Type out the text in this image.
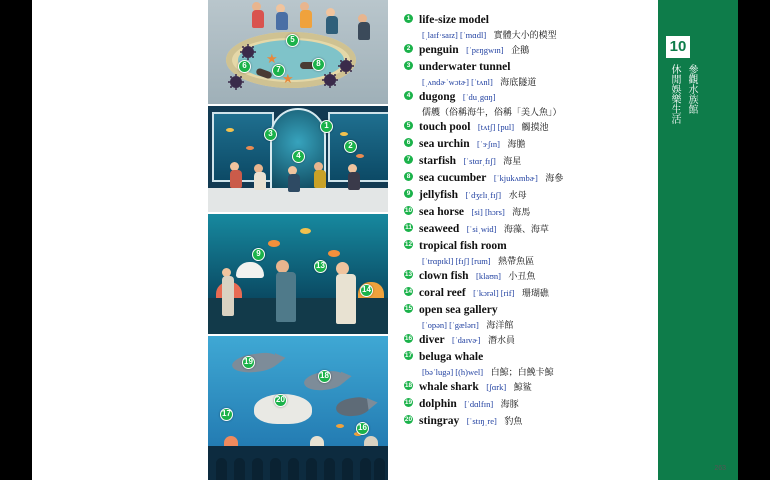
5
6	7
8
3
1
2
4
9
13
14
19
18
20
17
16
1 life-size model
[ˌlaɪf·saɪz] [ˈmɑdl] 實體大小的模型
2 penguin [ˈpɛŋgwɪn] 企鵝
3 underwater tunnel
[ˌʌndɚˈwɔtɚ] [ˈtʌnl] 海底隧道
4 dugong [ˈduˌgɑŋ]
儒艧（俗稱海牛，俗稱「美人魚」）
5 touch pool [tʌtʃ] [pul] 觸摸池
6 sea urchin [ˈɝʃɪn] 海膽
7 starfish [ˈstɑrˌfɪʃ] 海星
8 sea cucumber [ˈkjukʌmbɚ] 海參
9 jellyfish [ˈdʒɛlɪˌfɪʃ] 水母
10 sea horse [si] [hɔrs] 海馬
11 seaweed [ˈsiˌwid] 海藻、海草
12 tropical fish room
[ˈtrɑpɪkl] [fɪʃ] [rum] 熱帶魚區
13 clown fish [klaʊn] 小丑魚
14 coral reef [ˈkɔrəl] [rif] 珊瑚礁
15 open sea gallery
[ˈopən] [ˈgælərɪ] 海洋館
16 diver [ˈdaɪvɚ] 潛水員
17 beluga whale
[bəˈlugə] [(h)wel] 白鯨；白鮸卡鯨
18 whale shark [ʃɑrk] 鯨鲨
19 dolphin [ˈdɑlfɪn] 海豚
20 stingray [ˈstɪŋˌre] 豹魚
10
休閒娛樂生活 參觀水族館
263
